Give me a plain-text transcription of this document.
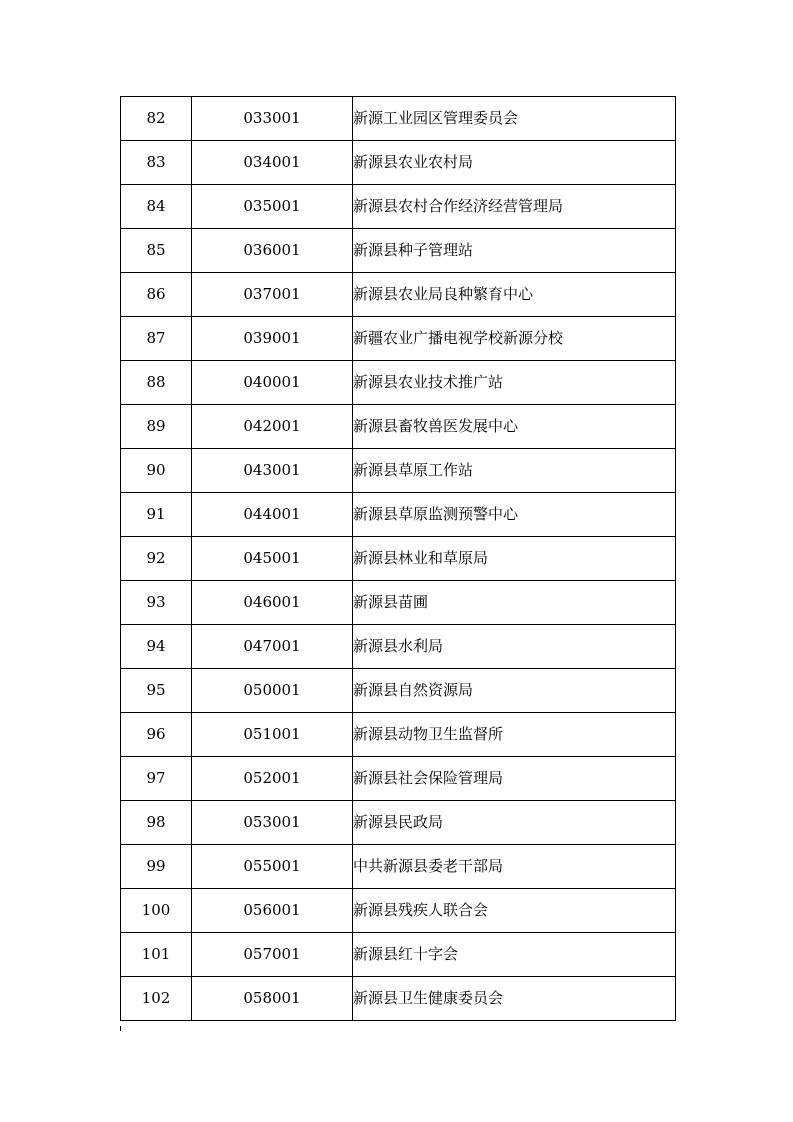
82	033001	新源工业园区管理委员会
83	034001	新源县农业农村局
84	035001	新源县农村合作经济经营管理局
85	036001	新源县种子管理站
86	037001	新源县农业局良种繁育中心
87	039001	新疆农业广播电视学校新源分校
88	040001	新源县农业技术推广站
89	042001	新源县畜牧兽医发展中心
90	043001	新源县草原工作站
91	044001	新源县草原监测预警中心
92	045001	新源县林业和草原局
93	046001	新源县苗圃
94	047001	新源县水利局
95	050001	新源县自然资源局
96	051001	新源县动物卫生监督所
97	052001	新源县社会保险管理局
98	053001	新源县民政局
99	055001	中共新源县委老干部局
100	056001	新源县残疾人联合会
101	057001	新源县红十字会
102	058001	新源县卫生健康委员会
